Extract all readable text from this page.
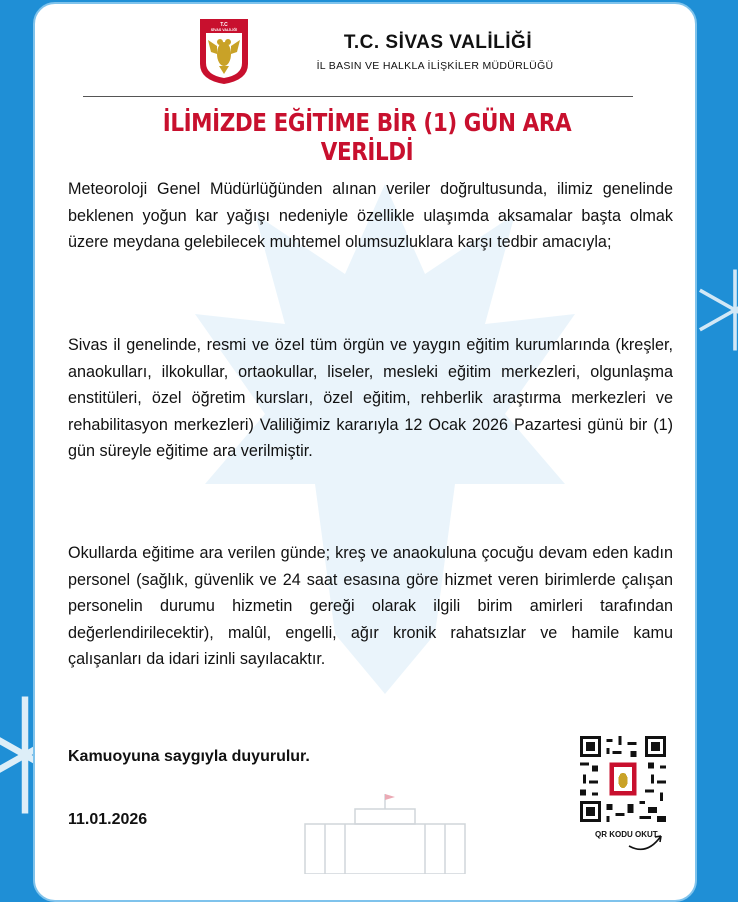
T.C
SİVAS VALİLİĞİ
T.C. SİVAS VALİLİĞİ
İL BASIN VE HALKLA İLİŞKİLER MÜDÜRLÜĞÜ
İLİMİZDE EĞİTİME BİR (1) GÜN ARA VERİLDİ

Meteoroloji Genel Müdürlüğünden alınan veriler doğrultusunda, ilimiz genelinde beklenen yoğun kar yağışı nedeniyle özellikle ulaşımda aksamalar başta olmak üzere meydana gelebilecek muhtemel olumsuzluklara karşı tedbir amacıyla;

Sivas il genelinde, resmi ve özel tüm örgün ve yaygın eğitim kurumlarında (kreşler, anaokulları, ilkokullar, ortaokullar, liseler, mesleki eğitim merkezleri, olgunlaşma enstitüleri, özel öğretim kursları, özel eğitim, rehberlik araştırma merkezleri ve rehabilitasyon merkezleri) Valiliğimiz kararıyla 12 Ocak 2026 Pazartesi günü bir (1) gün süreyle eğitime ara verilmiştir.

Okullarda eğitime ara verilen günde; kreş ve anaokuluna çocuğu devam eden kadın personel (sağlık, güvenlik ve 24 saat esasına göre hizmet veren birimlerde çalışan personelin durumu hizmetin gereği olarak ilgili birim amirleri tarafından değerlendirilecektir), malûl, engelli, ağır kronik rahatsızlar ve hamile kamu çalışanları da idari izinli sayılacaktır.

Kamuoyuna saygıyla duyurulur.
11.01.2026
QR KODU OKUT
